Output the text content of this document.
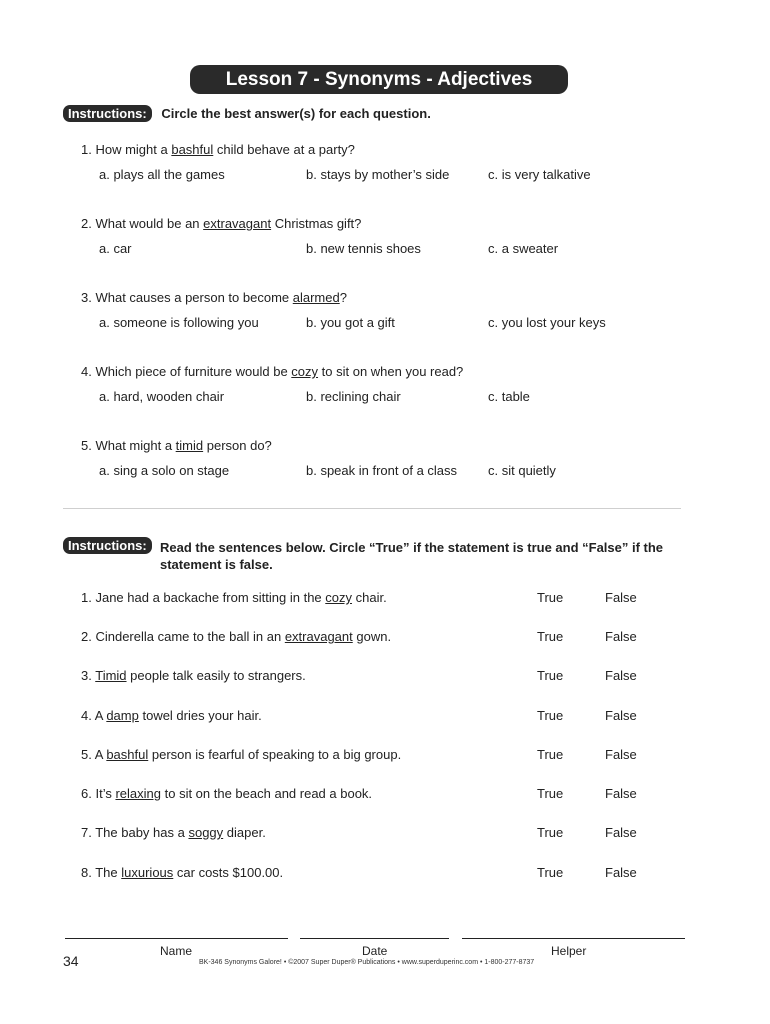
Lesson 7 - Synonyms - Adjectives
Instructions: Circle the best answer(s) for each question.
1. How might a bashful child behave at a party?
a. plays all the games	b. stays by mother’s side	c. is very talkative
2. What would be an extravagant Christmas gift?
a. car	b. new tennis shoes	c. a sweater
3. What causes a person to become alarmed?
a. someone is following you	b. you got a gift	c. you lost your keys
4. Which piece of furniture would be cozy to sit on when you read?
a. hard, wooden chair	b. reclining chair	c. table
5. What might a timid person do?
a. sing a solo on stage	b. speak in front of a class c. sit quietly
Instructions:	Read the sentences below. Circle “True” if the statement is true and “False” if the
statement is false.
1. Jane had a backache from sitting in the cozy chair.	True	False
2. Cinderella came to the ball in an extravagant gown.	True	False
3. Timid people talk easily to strangers.	True	False
4. A damp towel dries your hair.	True	False
5. A bashful person is fearful of speaking to a big group.	True	False
6. It’s relaxing to sit on the beach and read a book.	True	False
7. The baby has a soggy diaper.	True	False
8. The luxurious car costs $100.00.	True	False
Name	Date	Helper
34	BK-346 Synonyms Galore! • ©2007 Super Duper® Publications • www.superduperinc.com • 1-800-277-8737
